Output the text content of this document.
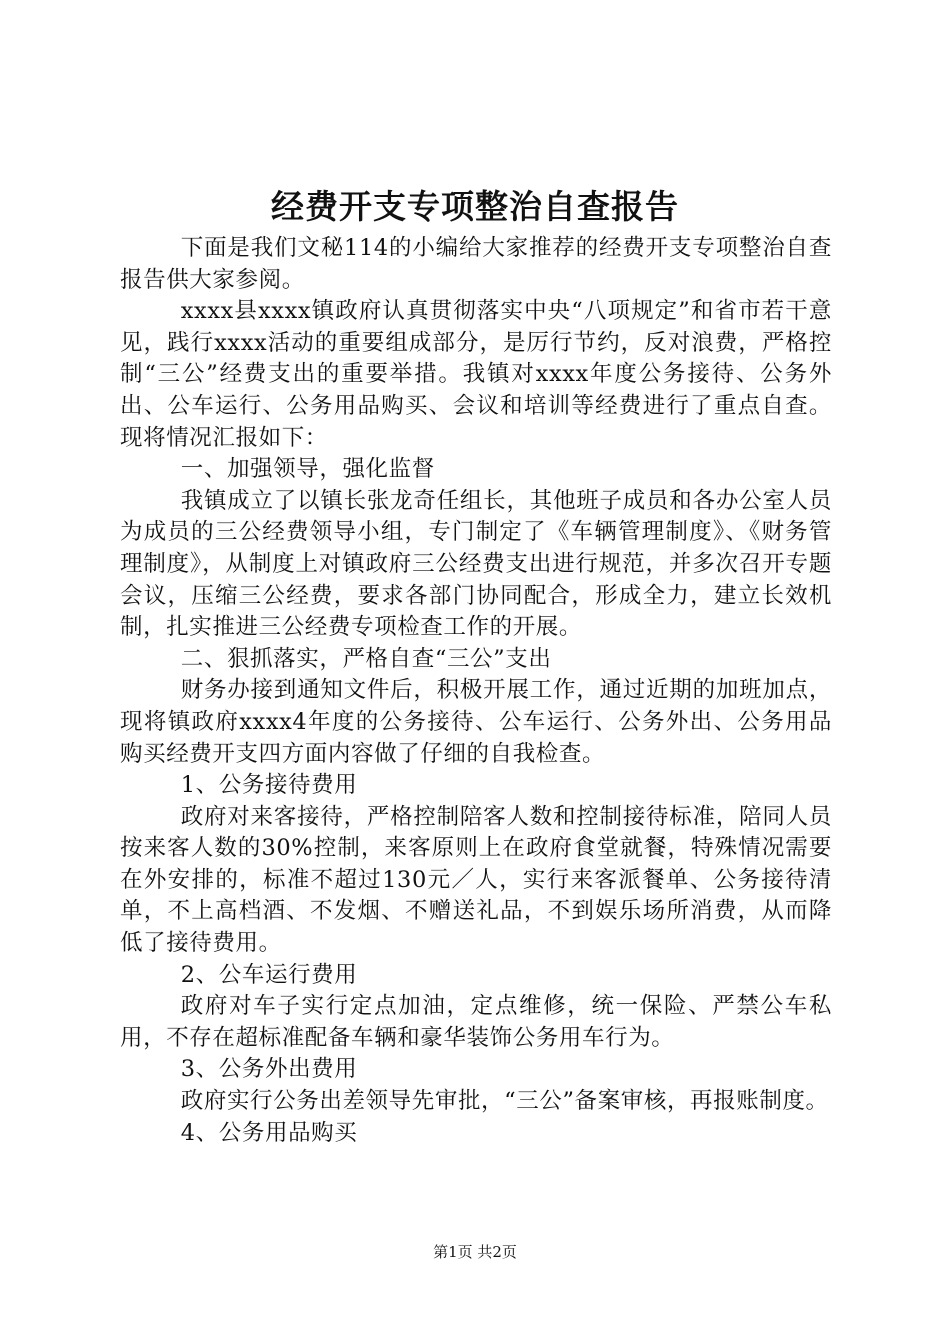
经费开支专项整治自查报告

下面是我们文秘114的小编给大家推荐的经费开支专项整治自查报告供大家参阅。

xxxx县xxxx镇政府认真贯彻落实中央“八项规定”和省市若干意见，践行xxxx活动的重要组成部分，是厉行节约，反对浪费，严格控制“三公”经费支出的重要举措。我镇对xxxx年度公务接待、公务外出、公车运行、公务用品购买、会议和培训等经费进行了重点自查。现将情况汇报如下：

一、加强领导，强化监督

我镇成立了以镇长张龙奇任组长，其他班子成员和各办公室人员为成员的三公经费领导小组，专门制定了《车辆管理制度》、《财务管理制度》，从制度上对镇政府三公经费支出进行规范，并多次召开专题会议，压缩三公经费，要求各部门协同配合，形成全力，建立长效机制，扎实推进三公经费专项检查工作的开展。

二、狠抓落实，严格自查“三公”支出

财务办接到通知文件后，积极开展工作，通过近期的加班加点，现将镇政府xxxx4年度的公务接待、公车运行、公务外出、公务用品购买经费开支四方面内容做了仔细的自我检查。

1、公务接待费用

政府对来客接待，严格控制陪客人数和控制接待标准，陪同人员按来客人数的30%控制，来客原则上在政府食堂就餐，特殊情况需要在外安排的，标准不超过130元／人，实行来客派餐单、公务接待清单，不上高档酒、不发烟、不赠送礼品，不到娱乐场所消费，从而降低了接待费用。

2、公车运行费用

政府对车子实行定点加油，定点维修，统一保险、严禁公车私用，不存在超标准配备车辆和豪华装饰公务用车行为。

3、公务外出费用

政府实行公务出差领导先审批，“三公”备案审核，再报账制度。

4、公务用品购买

第1页 共2页
